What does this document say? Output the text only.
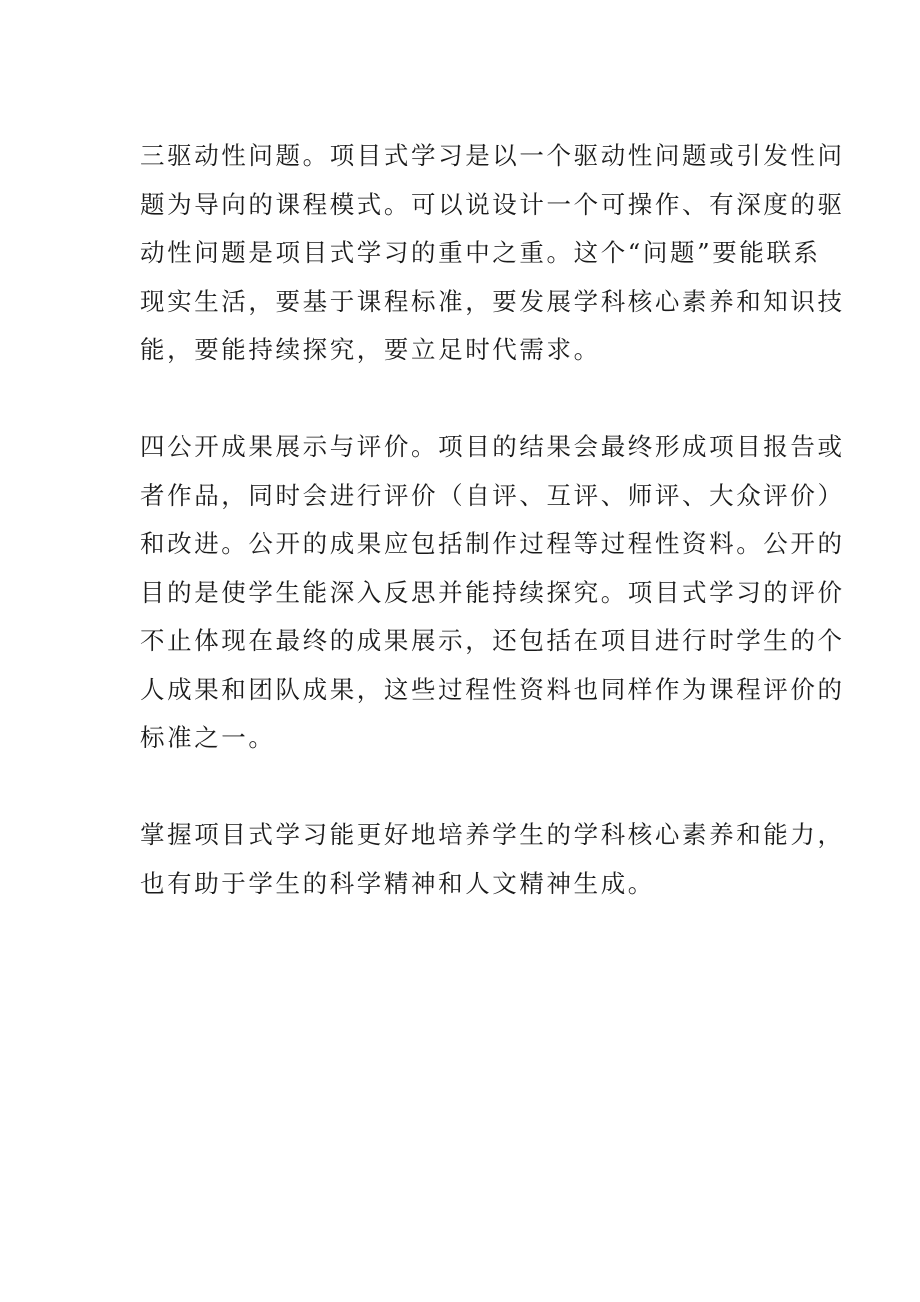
三驱动性问题。项目式学习是以一个驱动性问题或引发性问
题为导向的课程模式。可以说设计一个可操作、有深度的驱
动性问题是项目式学习的重中之重。这个“问题”要能联系
现实生活，要基于课程标准，要发展学科核心素养和知识技
能，要能持续探究，要立足时代需求。

四公开成果展示与评价。项目的结果会最终形成项目报告或
者作品，同时会进行评价（自评、互评、师评、大众评价）
和改进。公开的成果应包括制作过程等过程性资料。公开的
目的是使学生能深入反思并能持续探究。项目式学习的评价
不止体现在最终的成果展示，还包括在项目进行时学生的个
人成果和团队成果，这些过程性资料也同样作为课程评价的
标准之一。

掌握项目式学习能更好地培养学生的学科核心素养和能力，
也有助于学生的科学精神和人文精神生成。
